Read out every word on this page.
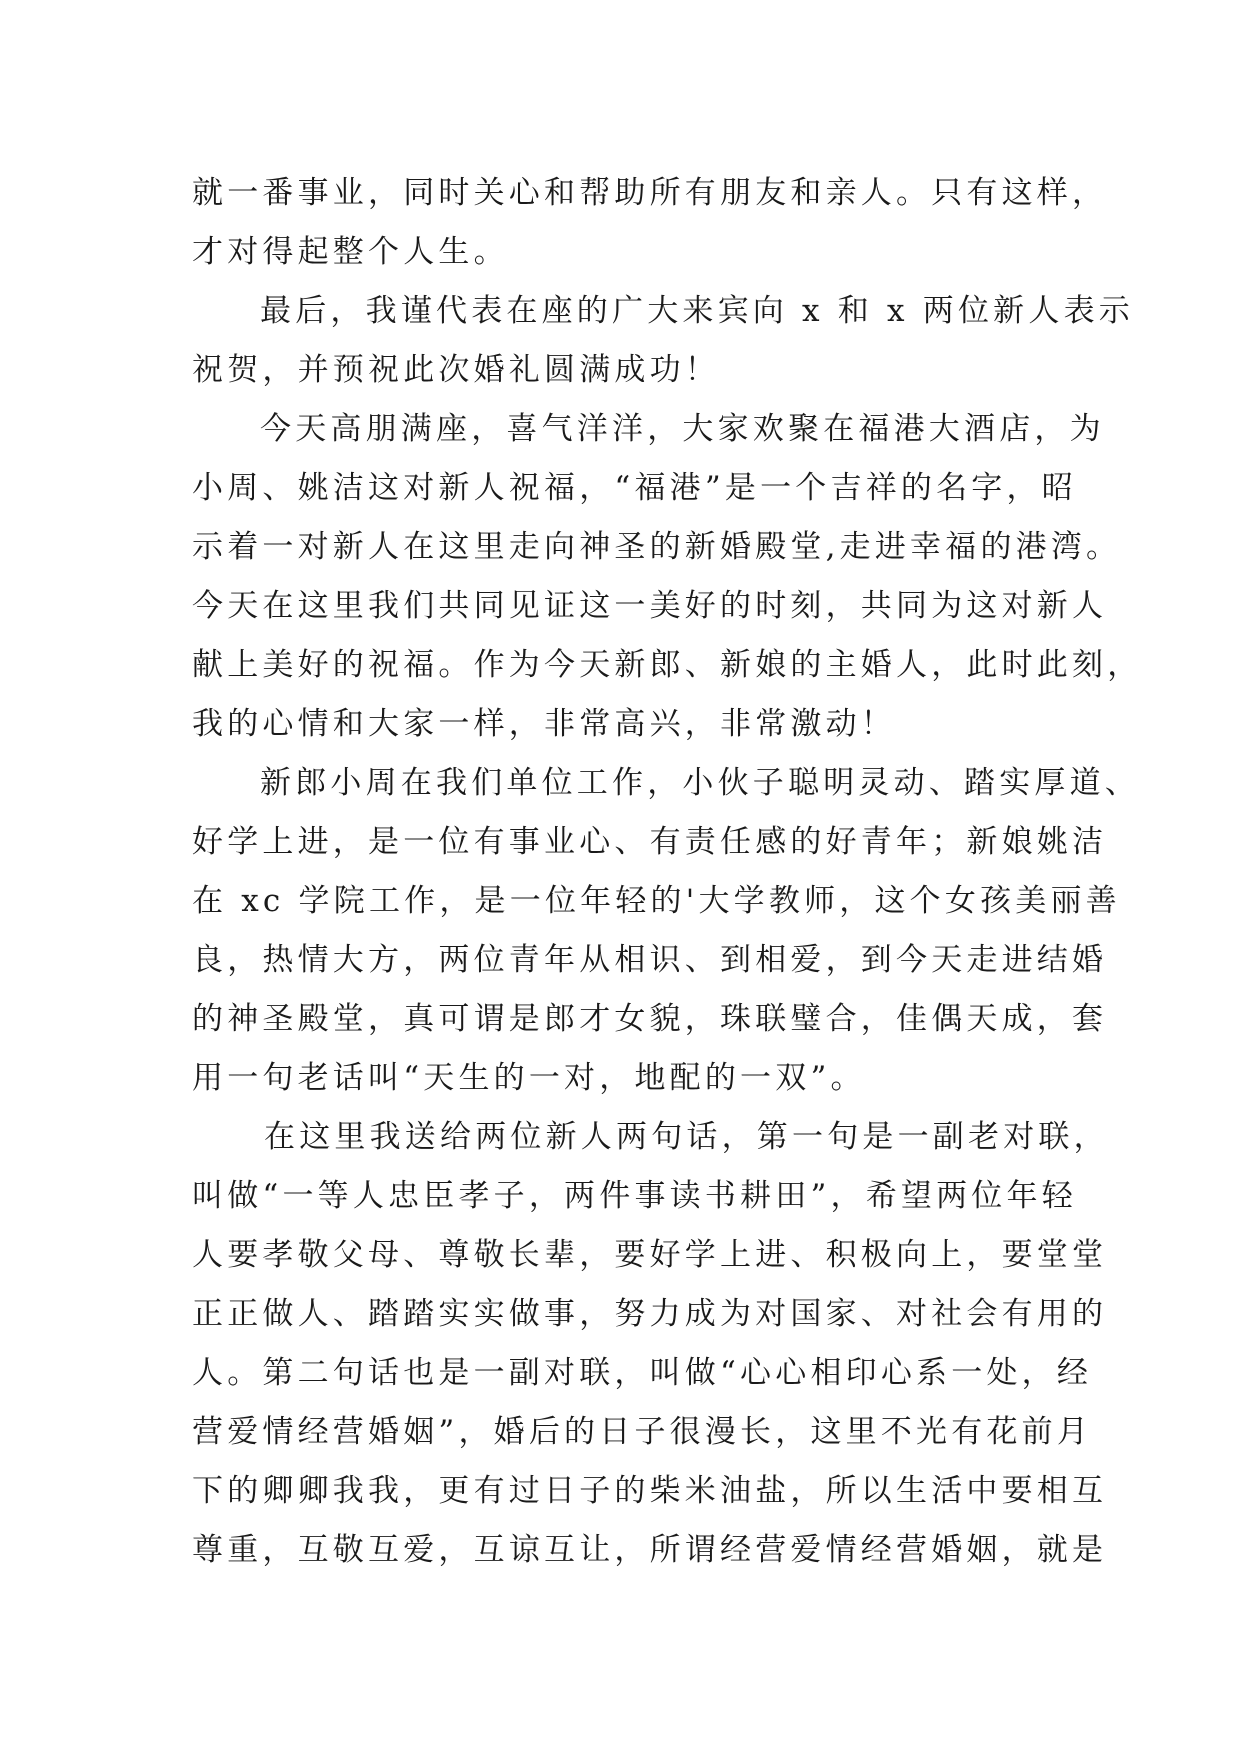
就一番事业，同时关心和帮助所有朋友和亲人。只有这样，
才对得起整个人生。
最后，我谨代表在座的广大来宾向 x 和 x 两位新人表示
祝贺，并预祝此次婚礼圆满成功！
今天高朋满座，喜气洋洋，大家欢聚在福港大酒店，为
小周、姚洁这对新人祝福，“福港”是一个吉祥的名字，昭
示着一对新人在这里走向神圣的新婚殿堂,走进幸福的港湾。
今天在这里我们共同见证这一美好的时刻，共同为这对新人
献上美好的祝福。作为今天新郎、新娘的主婚人，此时此刻，
我的心情和大家一样，非常高兴，非常激动！
新郎小周在我们单位工作，小伙子聪明灵动、踏实厚道、
好学上进，是一位有事业心、有责任感的好青年；新娘姚洁
在 xc 学院工作，是一位年轻的'大学教师，这个女孩美丽善
良，热情大方，两位青年从相识、到相爱，到今天走进结婚
的神圣殿堂，真可谓是郎才女貌，珠联璧合，佳偶天成，套
用一句老话叫“天生的一对，地配的一双”。
在这里我送给两位新人两句话，第一句是一副老对联，
叫做“一等人忠臣孝子，两件事读书耕田”，希望两位年轻
人要孝敬父母、尊敬长辈，要好学上进、积极向上，要堂堂
正正做人、踏踏实实做事，努力成为对国家、对社会有用的
人。第二句话也是一副对联，叫做“心心相印心系一处，经
营爱情经营婚姻”，婚后的日子很漫长，这里不光有花前月
下的卿卿我我，更有过日子的柴米油盐，所以生活中要相互
尊重，互敬互爱，互谅互让，所谓经营爱情经营婚姻，就是
